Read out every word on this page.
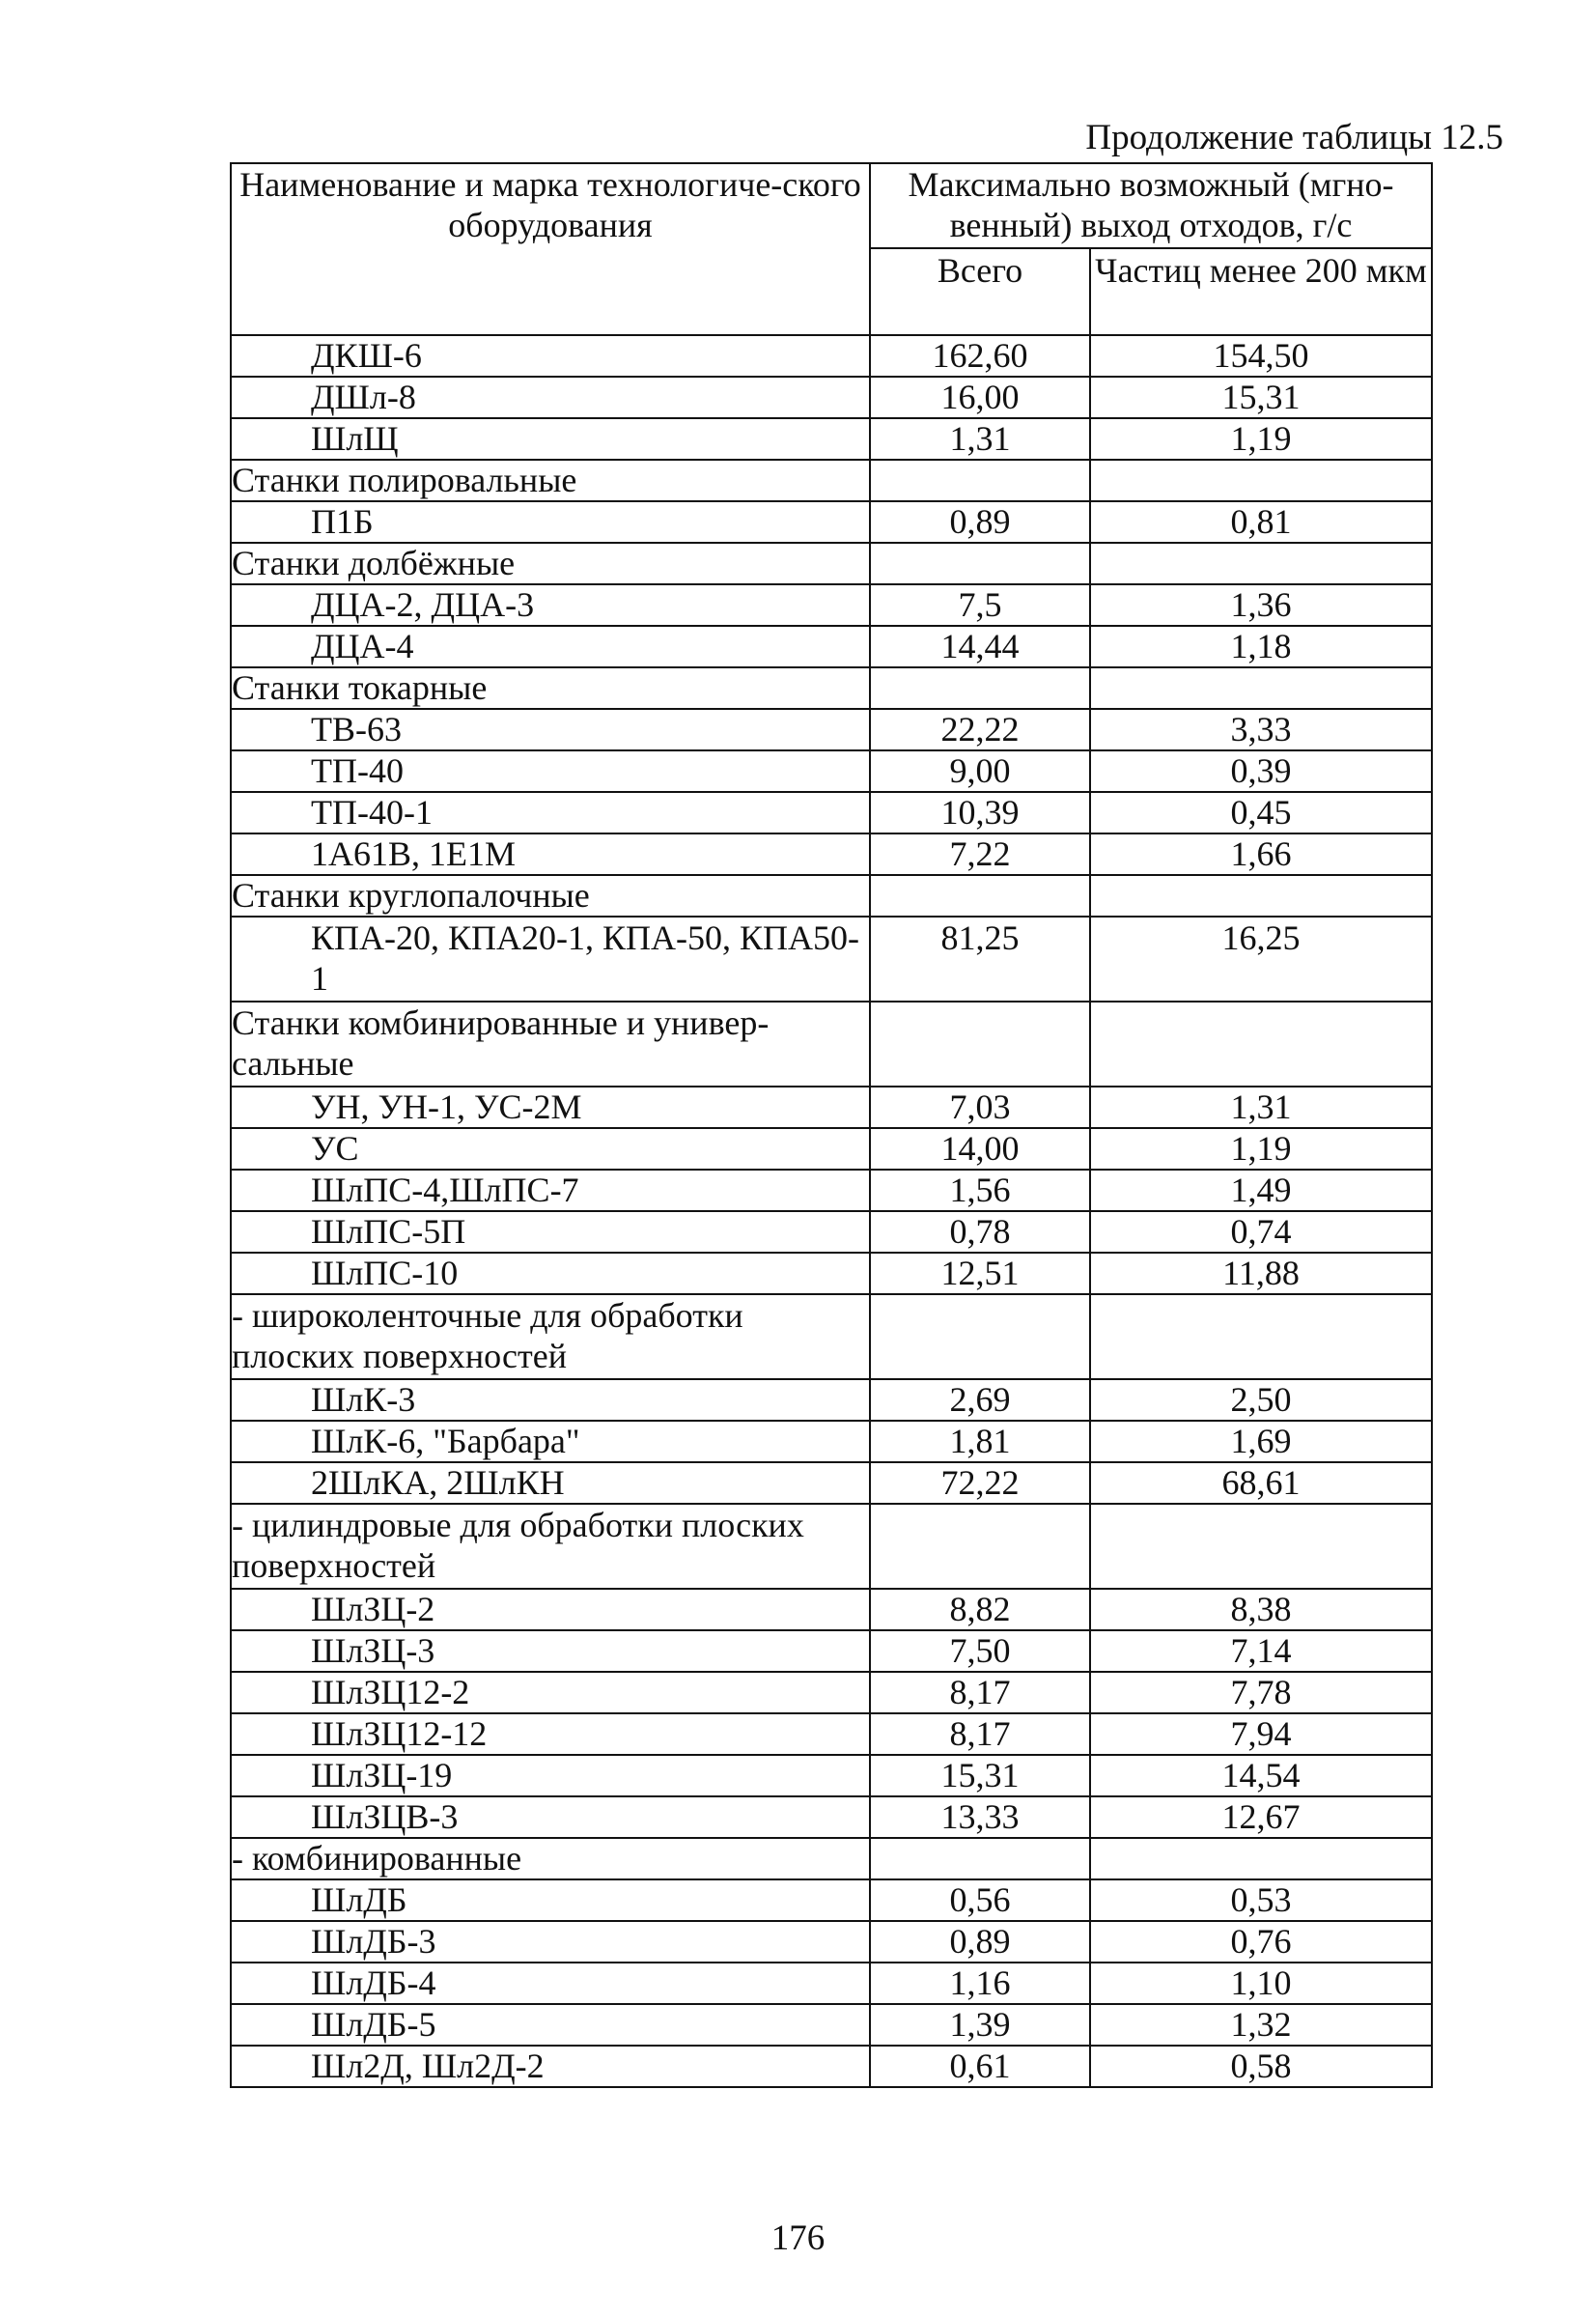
Продолжение таблицы 12.5
Наименование и марка технологиче-ского оборудования	Максимально возможный (мгно-венный) выход отходов, г/с	
	Всего	Частиц менее 200 мкм
ДКШ-6	162,60	154,50
ДШл-8	16,00	15,31
ШлЩ	1,31	1,19
Станки полировальные		
П1Б	0,89	0,81
Станки долбёжные		
ДЦА-2, ДЦА-3	7,5	1,36
ДЦА-4	14,44	1,18
Станки токарные		
ТВ-63	22,22	3,33
ТП-40	9,00	0,39
ТП-40-1	10,39	0,45
1А61В, 1Е1М	7,22	1,66
Станки круглопалочные		
КПА-20, КПА20-1, КПА-50, КПА50-1	81,25	16,25
Станки комбинированные и универ-сальные		
УН, УН-1, УС-2М	7,03	1,31
УС	14,00	1,19
ШлПС-4,ШлПС-7	1,56	1,49
ШлПС-5П	0,78	0,74
ШлПС-10	12,51	11,88
- широколенточные для обработки плоских поверхностей		
ШлК-3	2,69	2,50
ШлК-6, "Барбара"	1,81	1,69
2ШлКА, 2ШлКН	72,22	68,61
- цилиндровые для обработки плоских поверхностей		
ШлЗЦ-2	8,82	8,38
ШлЗЦ-3	7,50	7,14
ШлЗЦ12-2	8,17	7,78
ШлЗЦ12-12	8,17	7,94
ШлЗЦ-19	15,31	14,54
ШлЗЦВ-3	13,33	12,67
- комбинированные		
ШлДБ	0,56	0,53
ШлДБ-3	0,89	0,76
ШлДБ-4	1,16	1,10
ШлДБ-5	1,39	1,32
Шл2Д, Шл2Д-2	0,61	0,58
176
